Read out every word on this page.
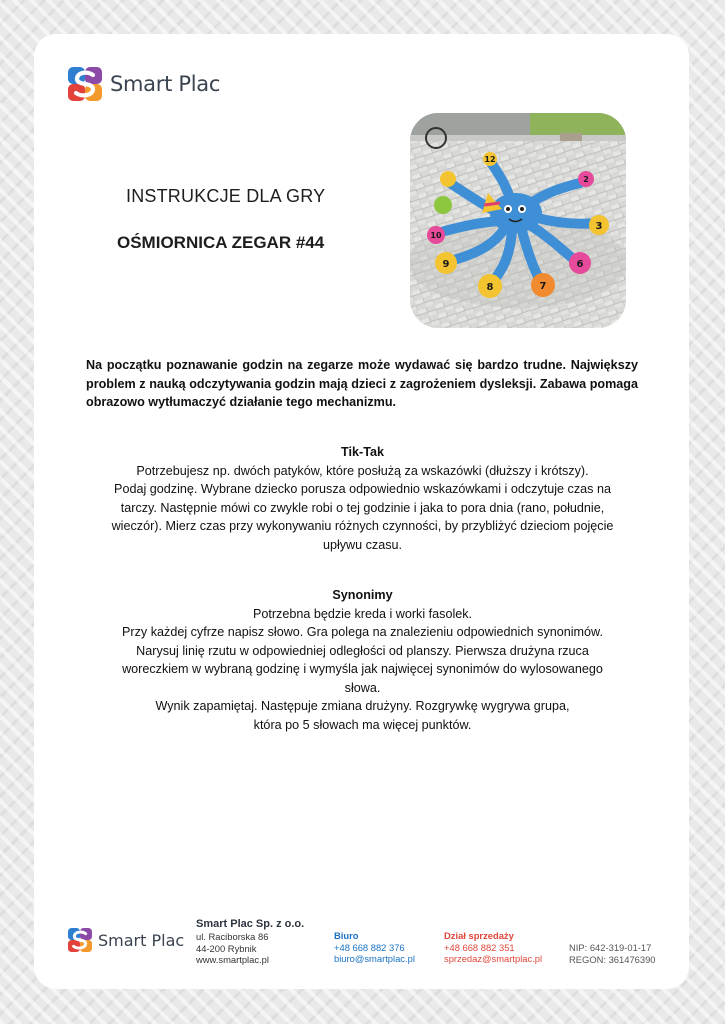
Smart Plac
INSTRUKCJE DLA GRY
OŚMIORNICA ZEGAR #44
12
2
3
6
7
8
9
10
Na początku poznawanie godzin na zegarze może wydawać się bardzo trudne. Największy problem z nauką odczytywania godzin mają dzieci z zagrożeniem dysleksji. Zabawa pomaga obrazowo wytłumaczyć działanie tego mechanizmu.
Tik-Tak

Potrzebujesz np. dwóch patyków, które posłużą za wskazówki (dłuższy i krótszy).

Podaj godzinę. Wybrane dziecko porusza odpowiednio wskazówkami i odczytuje czas na

tarczy. Następnie mówi co zwykle robi o tej godzinie i jaka to pora dnia (rano, południe,

wieczór). Mierz czas przy wykonywaniu różnych czynności, by przybliżyć dzieciom pojęcie

upływu czasu.

Synonimy

Potrzebna będzie kreda i worki fasolek.

Przy każdej cyfrze napisz słowo. Gra polega na znalezieniu odpowiednich synonimów.

Narysuj linię rzutu w odpowiedniej odległości od planszy. Pierwsza drużyna rzuca

woreczkiem w wybraną godzinę i wymyśla jak najwięcej synonimów do wylosowanego

słowa.

Wynik zapamiętaj. Następuje zmiana drużyny. Rozgrywkę wygrywa grupa,

która po 5 słowach ma więcej punktów.

Smart Plac
Smart Plac Sp. z o.o.
ul. Raciborska 86
44-200 Rybnik
www.smartplac.pl
Biuro
+48 668 882 376
biuro@smartplac.pl
Dział sprzedaży
+48 668 882 351
sprzedaz@smartplac.pl
NIP: 642-319-01-17
REGON: 361476390
